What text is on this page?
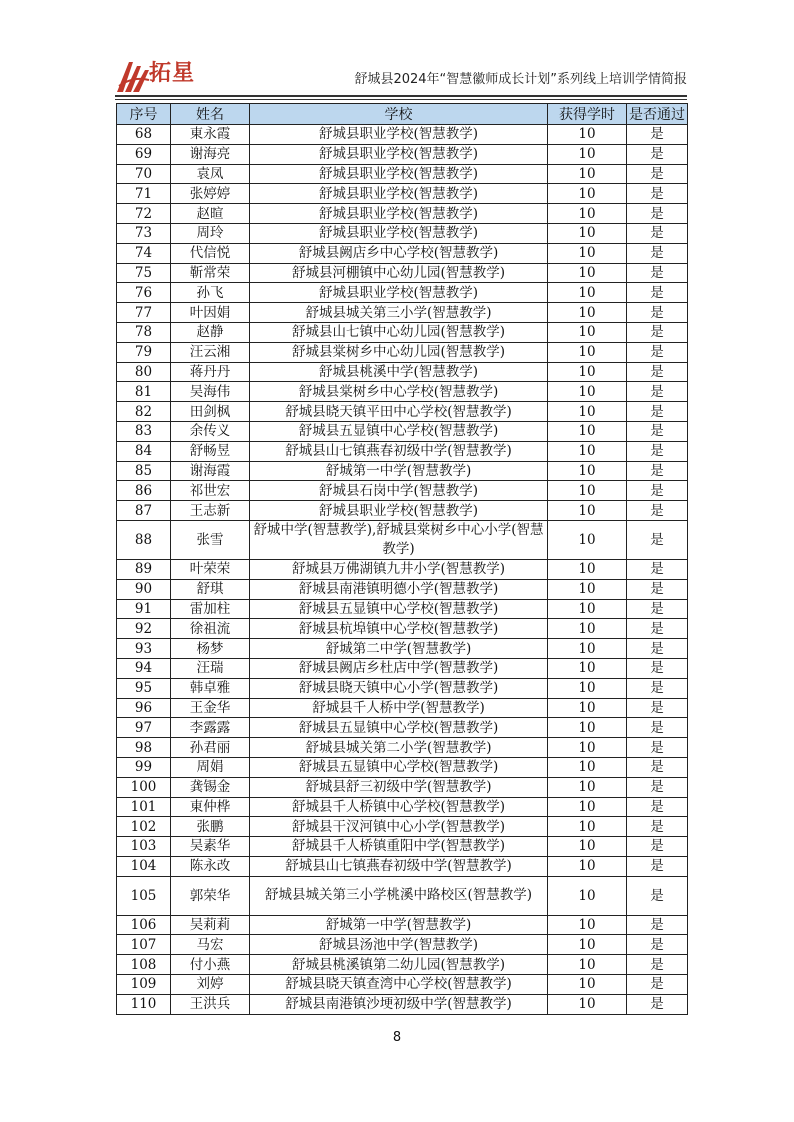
拓星	舒城县2024年“智慧徽师成长计划”系列线上培训学情简报
序号	姓名	学校	获得学时	是否通过
68	東永霞	舒城县职业学校(智慧教学)	10	是
69	谢海亮	舒城县职业学校(智慧教学)	10	是
70	袁凤	舒城县职业学校(智慧教学)	10	是
71	张婷婷	舒城县职业学校(智慧教学)	10	是
72	赵暄	舒城县职业学校(智慧教学)	10	是
73	周玲	舒城县职业学校(智慧教学)	10	是
74	代信悦	舒城县阙店乡中心学校(智慧教学)	10	是
75	靳常荣	舒城县河棚镇中心幼儿园(智慧教学)	10	是
76	孙飞	舒城县职业学校(智慧教学)	10	是
77	叶因娟	舒城县城关第三小学(智慧教学)	10	是
78	赵静	舒城县山七镇中心幼儿园(智慧教学)	10	是
79	汪云湘	舒城县棠树乡中心幼儿园(智慧教学)	10	是
80	蒋丹丹	舒城县桃溪中学(智慧教学)	10	是
81	吴海伟	舒城县棠树乡中心学校(智慧教学)	10	是
82	田剑枫	舒城县晓天镇平田中心学校(智慧教学)	10	是
83	余传义	舒城县五显镇中心学校(智慧教学)	10	是
84	舒畅昱	舒城县山七镇燕春初级中学(智慧教学)	10	是
85	谢海霞	舒城第一中学(智慧教学)	10	是
86	祁世宏	舒城县石岗中学(智慧教学)	10	是
87	王志新	舒城县职业学校(智慧教学)	10	是
88	张雪	舒城中学(智慧教学),舒城县棠树乡中心小学(智慧教学)	10	是
89	叶荣荣	舒城县万佛湖镇九井小学(智慧教学)	10	是
90	舒琪	舒城县南港镇明德小学(智慧教学)	10	是
91	雷加柱	舒城县五显镇中心学校(智慧教学)	10	是
92	徐祖流	舒城县杭埠镇中心学校(智慧教学)	10	是
93	杨梦	舒城第二中学(智慧教学)	10	是
94	汪瑞	舒城县阙店乡杜店中学(智慧教学)	10	是
95	韩卓雅	舒城县晓天镇中心小学(智慧教学)	10	是
96	王金华	舒城县千人桥中学(智慧教学)	10	是
97	李露露	舒城县五显镇中心学校(智慧教学)	10	是
98	孙君丽	舒城县城关第二小学(智慧教学)	10	是
99	周娟	舒城县五显镇中心学校(智慧教学)	10	是
100	龚锡金	舒城县舒三初级中学(智慧教学)	10	是
101	東仲桦	舒城县千人桥镇中心学校(智慧教学)	10	是
102	张鹏	舒城县干汊河镇中心小学(智慧教学)	10	是
103	吴素华	舒城县千人桥镇重阳中学(智慧教学)	10	是
104	陈永改	舒城县山七镇燕春初级中学(智慧教学)	10	是
105	郭荣华	舒城县城关第三小学桃溪中路校区(智慧教学)	10	是
106	吴莉莉	舒城第一中学(智慧教学)	10	是
107	马宏	舒城县汤池中学(智慧教学)	10	是
108	付小燕	舒城县桃溪镇第二幼儿园(智慧教学)	10	是
109	刘婷	舒城县晓天镇查湾中心学校(智慧教学)	10	是
110	王洪兵	舒城县南港镇沙埂初级中学(智慧教学)	10	是
8
